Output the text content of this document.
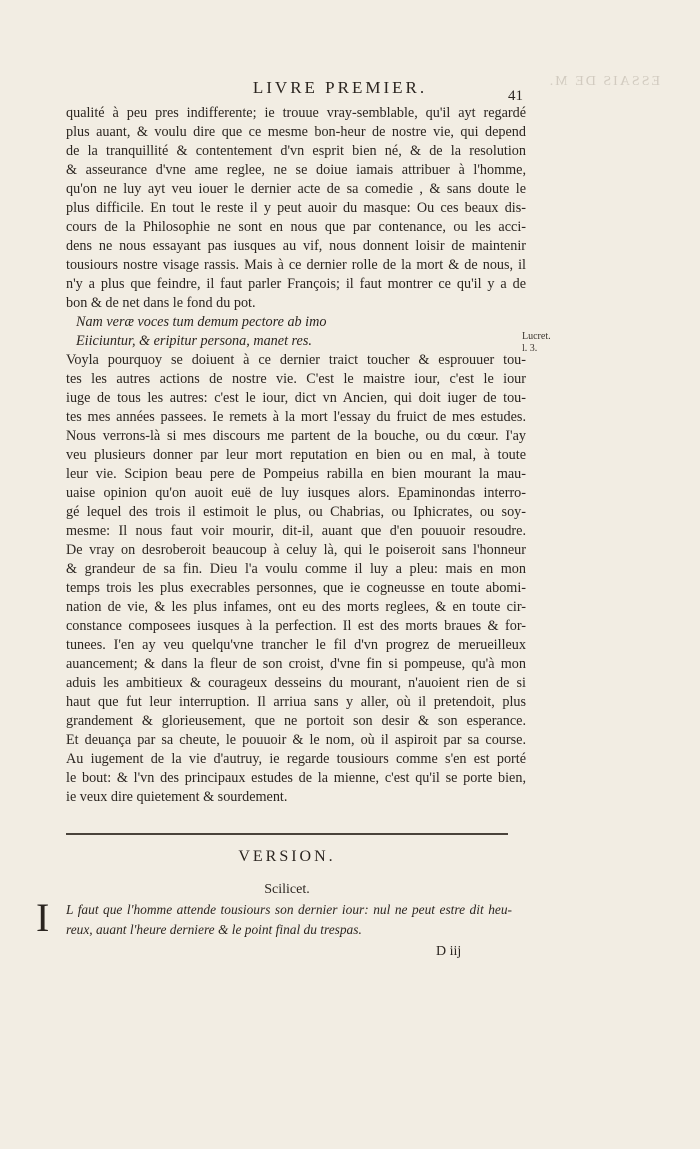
ESSAIS DE M.
LIVRE PREMIER.	41
qualité à peu pres indifferente; ie trouue vray-semblable, qu'il ayt regardé
plus auant, & voulu dire que ce mesme bon-heur de nostre vie, qui depend
de la tranquillité & contentement d'vn esprit bien né, & de la resolution
& asseurance d'vne ame reglee, ne se doiue iamais attribuer à l'homme,
qu'on ne luy ayt veu iouer le dernier acte de sa comedie , & sans doute le
plus difficile. En tout le reste il y peut auoir du masque: Ou ces beaux dis-
cours de la Philosophie ne sont en nous que par contenance, ou les acci-
dens ne nous essayant pas iusques au vif, nous donnent loisir de maintenir
tousiours nostre visage rassis. Mais à ce dernier rolle de la mort & de nous, il
n'y a plus que feindre, il faut parler François; il faut montrer ce qu'il y a de
bon & de net dans le fond du pot.
Nam veræ voces tum demum pectore ab imo
Eiiciuntur, & eripitur persona, manet res.
Voyla pourquoy se doiuent à ce dernier traict toucher & esprouuer tou-
tes les autres actions de nostre vie. C'est le maistre iour, c'est le iour
iuge de tous les autres: c'est le iour, dict vn Ancien, qui doit iuger de tou-
tes mes années passees. Ie remets à la mort l'essay du fruict de mes estudes.
Nous verrons-là si mes discours me partent de la bouche, ou du cœur. I'ay
veu plusieurs donner par leur mort reputation en bien ou en mal, à toute
leur vie. Scipion beau pere de Pompeius rabilla en bien mourant la mau-
uaise opinion qu'on auoit euë de luy iusques alors. Epaminondas interro-
gé lequel des trois il estimoit le plus, ou Chabrias, ou Iphicrates, ou soy-
mesme: Il nous faut voir mourir, dit-il, auant que d'en pouuoir resoudre.
De vray on desroberoit beaucoup à celuy là, qui le poiseroit sans l'honneur
& grandeur de sa fin. Dieu l'a voulu comme il luy a pleu: mais en mon
temps trois les plus execrables personnes, que ie cogneusse en toute abomi-
nation de vie, & les plus infames, ont eu des morts reglees, & en toute cir-
constance composees iusques à la perfection. Il est des morts braues & for-
tunees. I'en ay veu quelqu'vne trancher le fil d'vn progrez de merueilleux
auancement; & dans la fleur de son croist, d'vne fin si pompeuse, qu'à mon
aduis les ambitieux & courageux desseins du mourant, n'auoient rien de si
haut que fut leur interruption. Il arriua sans y aller, où il pretendoit, plus
grandement & glorieusement, que ne portoit son desir & son esperance.
Et deuança par sa cheute, le pouuoir & le nom, où il aspiroit par sa course.
Au iugement de la vie d'autruy, ie regarde tousiours comme s'en est porté
le bout: & l'vn des principaux estudes de la mienne, c'est qu'il se porte bien,
ie veux dire quietement & sourdement.
Lucret.
l. 3.
VERSION.
Scilicet.
I L faut que l'homme attende tousiours son dernier iour: nul ne peut estre dit heu-
reux, auant l'heure derniere & le point final du trespas.
D iij
